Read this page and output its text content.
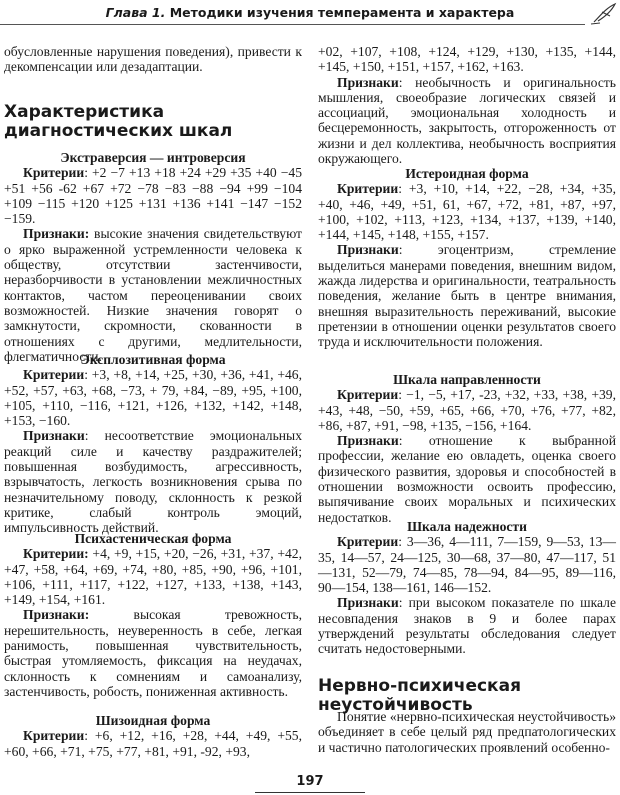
Глава 1. Методики изучения темперамента и характера

обусловленные нарушения поведения), привести к декомпенсации или дезадаптации.

Характеристика диагностических шкал
Экстраверсия — интроверсия

Критерии: +2 −7 +13 +18 +24 +29 +35 +40 −45 +51 +56 -62 +67 +72 −78 −83 −88 −94 +99 −104 +109 −115 +120 +125 +131 +136 +141 −147 −152 −159.

Признаки: высокие значения свидетельствуют о ярко выраженной устремленности человека к обществу, отсутствии застенчивости, неразборчивости в установлении межличностных контактов, частом переоценивании своих возможностей. Низкие значения говорят о замкнутости, скромности, скованности в отношениях с другими, медлительности, флегматичности.

Эксплозитивная форма

Критерии: +3, +8, +14, +25, +30, +36, +41, +46, +52, +57, +63, +68, −73, + 79, +84, −89, +95, +100, +105, +110, −116, +121, +126, +132, +142, +148, +153, −160.

Признаки: несоответствие эмоциональных реакций силе и качеству раздражителей; повышенная возбудимость, агрессивность, взрывчатость, легкость возникновения срыва по незначительному поводу, склонность к резкой критике, слабый контроль эмоций, импульсивность действий.

Психастеническая форма

Критерии: +4, +9, +15, +20, −26, +31, +37, +42, +47, +58, +64, +69, +74, +80, +85, +90, +96, +101, +106, +111, +117, +122, +127, +133, +138, +143, +149, +154, +161.

Признаки: высокая тревожность, нерешительность, неуверенность в себе, легкая ранимость, повышенная чувствительность, быстрая утомляемость, фиксация на неудачах, склонность к сомнениям и самоанализу, застенчивость, робость, пониженная активность.

Шизоидная форма

Критерии: +6, +12, +16, +28, +44, +49, +55, +60, +66, +71, +75, +77, +81, +91, -92, +93,

+02, +107, +108, +124, +129, +130, +135, +144, +145, +150, +151, +157, +162, +163.

Признаки: необычность и оригинальность мышления, своеобразие логических связей и ассоциаций, эмоциональная холодность и бесцеремонность, закрытость, отгороженность от жизни и дел коллектива, необычность восприятия окружающего.

Истероидная форма

Критерии: +3, +10, +14, +22, −28, +34, +35, +40, +46, +49, +51, 61, +67, +72, +81, +87, +97, +100, +102, +113, +123, +134, +137, +139, +140, +144, +145, +148, +155, +157.

Признаки: эгоцентризм, стремление выделиться манерами поведения, внешним видом, жажда лидерства и оригинальности, театральность поведения, желание быть в центре внимания, внешняя выразительность переживаний, высокие претензии в отношении оценки результатов своего труда и исключительности положения.

Шкала направленности

Критерии: −1, −5, +17, -23, +32, +33, +38, +39, +43, +48, −50, +59, +65, +66, +70, +76, +77, +82, +86, +87, +91, −98, +135, −156, +164.

Признаки: отношение к выбранной профессии, желание ею овладеть, оценка своего физического развития, здоровья и способностей в отношении возможности освоить профессию, выпячивание своих моральных и психических недостатков.

Шкала надежности

Критерии: 3—36, 4—111, 7—159, 9—53, 13—35, 14—57, 24—125, 30—68, 37—80, 47—117, 51—131, 52—79, 74—85, 78—94, 84—95, 89—116, 90—154, 138—161, 146—152.

Признаки: при высоком показателе по шкале несовпадения знаков в 9 и более парах утверждений результаты обследования следует считать недостоверными.

Нервно-психическая неустойчивость

Понятие «нервно-психическая неустойчивость» объединяет в себе целый ряд предпатологических и частично патологических проявлений особенно-

197
